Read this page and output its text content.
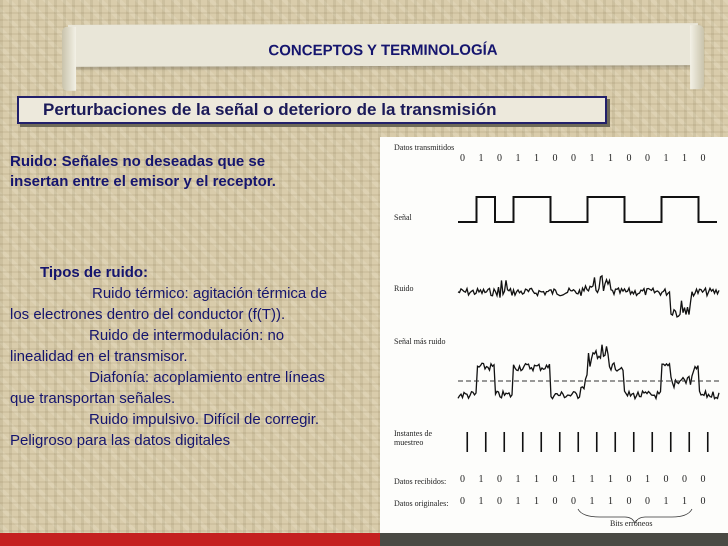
CONCEPTOS Y TERMINOLOGÍA
Perturbaciones de la señal o deterioro de la transmisión
Ruido: Señales no deseadas que se insertan entre el emisor y el receptor.
Tipos de ruido:
Ruido térmico: agitación térmica de
los electrones dentro del conductor (f(T)).
Ruido de intermodulación: no
linealidad en el transmisor.
Diafonía: acoplamiento entre líneas
que transportan señales.
Ruido impulsivo. Difícil de corregir.
Peligroso para las datos digitales
Datos transmitidos
0 1 0 1 1 0 0 1 1 0 0 1 1 0
Señal
Ruido
Señal más ruido
Instantes de muestreo
Datos recibidos:	0 1 0 1 1 0 1 1 1 0 1 0 0 0
Datos originales:	0 1 0 1 1 0 0 1 1 0 0 1 1 0
Bits erróneos
